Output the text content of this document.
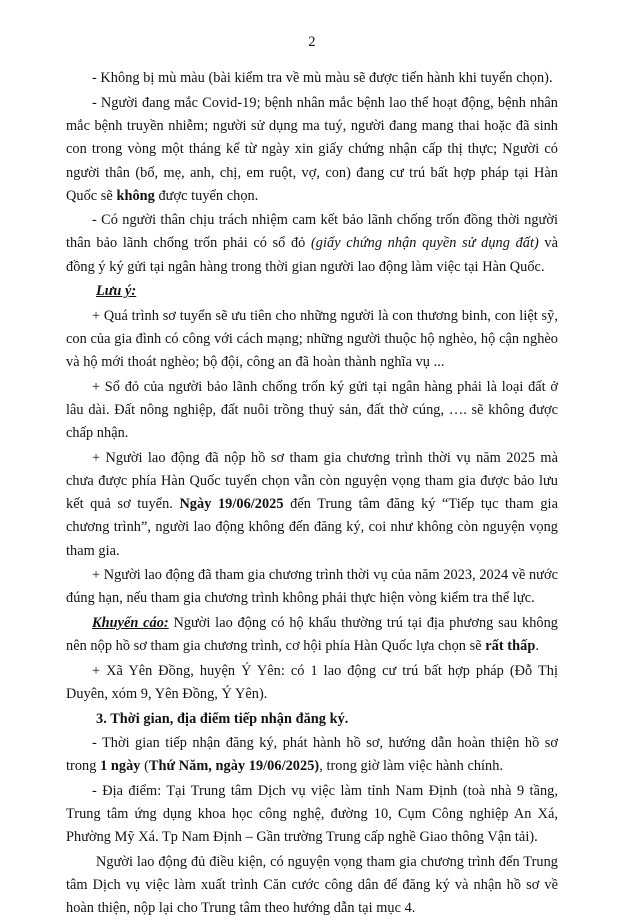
2

- Không bị mù màu (bài kiểm tra về mù màu sẽ được tiến hành khi tuyển chọn).

- Người đang mắc Covid-19; bệnh nhân mắc bệnh lao thể hoạt động, bệnh nhân mắc bệnh truyền nhiễm; người sử dụng ma tuý, người đang mang thai hoặc đã sinh con trong vòng một tháng kể từ ngày xin giấy chứng nhận cấp thị thực; Người có người thân (bố, mẹ, anh, chị, em ruột, vợ, con) đang cư trú bất hợp pháp tại Hàn Quốc sẽ không được tuyển chọn.

- Có người thân chịu trách nhiệm cam kết bảo lãnh chống trốn đồng thời người thân bảo lãnh chống trốn phải có sổ đỏ (giấy chứng nhận quyền sử dụng đất) và đồng ý ký gửi tại ngân hàng trong thời gian người lao động làm việc tại Hàn Quốc.

Lưu ý:

+ Quá trình sơ tuyển sẽ ưu tiên cho những người là con thương binh, con liệt sỹ, con của gia đình có công với cách mạng; những người thuộc hộ nghèo, hộ cận nghèo và hộ mới thoát nghèo; bộ đội, công an đã hoàn thành nghĩa vụ ...

+ Sổ đỏ của người bảo lãnh chống trốn ký gửi tại ngân hàng phải là loại đất ở lâu dài. Đất nông nghiệp, đất nuôi trồng thuỷ sản, đất thờ cúng, …. sẽ không được chấp nhận.

+ Người lao động đã nộp hồ sơ tham gia chương trình thời vụ năm 2025 mà chưa được phía Hàn Quốc tuyển chọn vẫn còn nguyện vọng tham gia được bảo lưu kết quả sơ tuyển. Ngày 19/06/2025 đến Trung tâm đăng ký “Tiếp tục tham gia chương trình”, người lao động không đến đăng ký, coi như không còn nguyện vọng tham gia.

+ Người lao động đã tham gia chương trình thời vụ của năm 2023, 2024 về nước đúng hạn, nếu tham gia chương trình không phải thực hiện vòng kiểm tra thể lực.

Khuyến cáo: Người lao động có hộ khẩu thường trú tại địa phương sau không nên nộp hồ sơ tham gia chương trình, cơ hội phía Hàn Quốc lựa chọn sẽ rất thấp.

+ Xã Yên Đồng, huyện Ý Yên: có 1 lao động cư trú bất hợp pháp (Đỗ Thị Duyên, xóm 9, Yên Đồng, Ý Yên).

3. Thời gian, địa điểm tiếp nhận đăng ký.

- Thời gian tiếp nhận đăng ký, phát hành hồ sơ, hướng dẫn hoàn thiện hồ sơ trong 1 ngày (Thứ Năm, ngày 19/06/2025), trong giờ làm việc hành chính.

- Địa điểm: Tại Trung tâm Dịch vụ việc làm tỉnh Nam Định (toà nhà 9 tầng, Trung tâm ứng dụng khoa học công nghệ, đường 10, Cụm Công nghiệp An Xá, Phường Mỹ Xá. Tp Nam Định – Gần trường Trung cấp nghề Giao thông Vận tải).

Người lao động đủ điều kiện, có nguyện vọng tham gia chương trình đến Trung tâm Dịch vụ việc làm xuất trình Căn cước công dân để đăng ký và nhận hồ sơ về hoàn thiện, nộp lại cho Trung tâm theo hướng dẫn tại mục 4.
